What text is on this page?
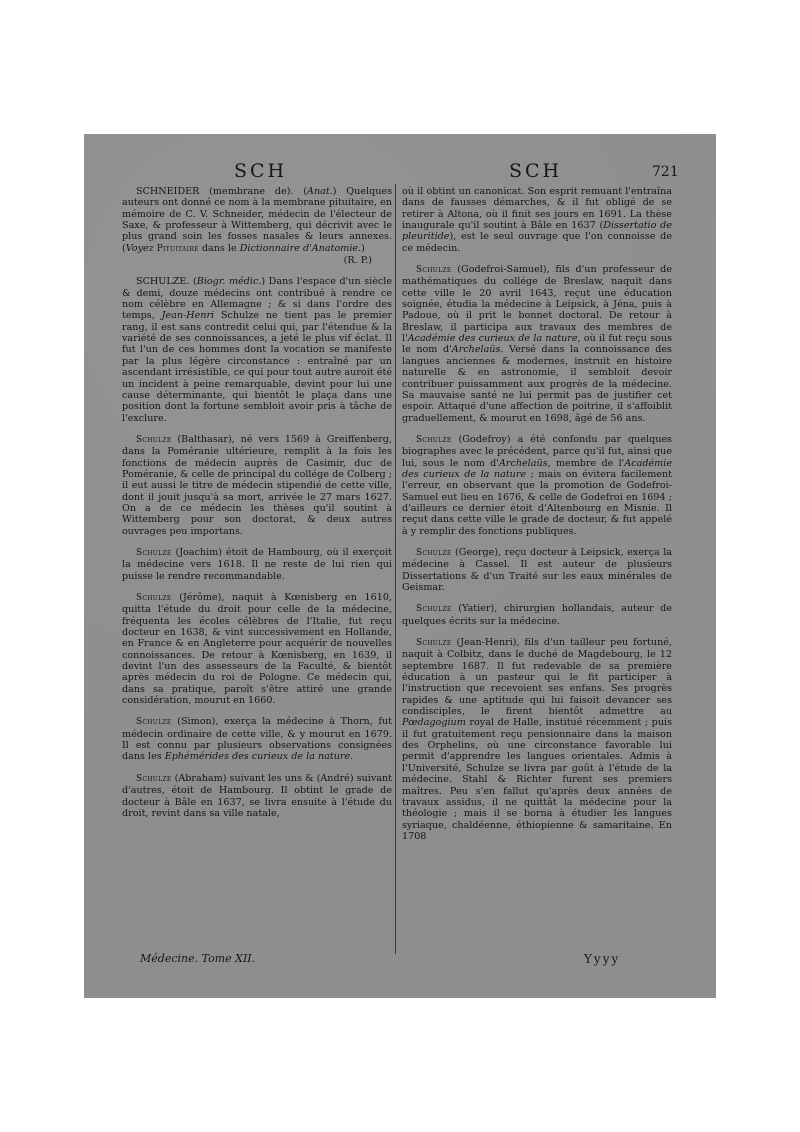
SCH	SCH	721

SCHNEIDER (membrane de). (Anat.) Quelques auteurs ont donné ce nom à la membrane pituitaire, en mémoire de C. V. Schneider, médecin de l'électeur de Saxe, & professeur à Wittemberg, qui décrivit avec le plus grand soin les fosses nasales & leurs annexes. (Voyez Pituitaire dans le Dictionnaire d'Anatomie.)

(R. P.)

SCHULZE. (Biogr. médic.) Dans l'espace d'un siècle & demi, douze médecins ont contribué à rendre ce nom célèbre en Allemagne ; & si dans l'ordre des temps, Jean-Henri Schulze ne tient pas le premier rang, il est sans contredit celui qui, par l'étendue & la variété de ses connoissances, a jeté le plus vif éclat. Il fut l'un de ces hommes dont la vocation se manifeste par la plus légère circonstance : entraîné par un ascendant irrésistible, ce qui pour tout autre auroit été un incident à peine remarquable, devint pour lui une cause déterminante, qui bientôt le plaça dans une position dont la fortune sembloit avoir pris à tâche de l'exclure.

Schulze (Balthasar), né vers 1569 à Greiffenberg, dans la Poméranie ultérieure, remplit à la fois les fonctions de médecin auprès de Casimir, duc de Poméranie, & celle de principal du collége de Colberg ; il eut aussi le titre de médecin stipendié de cette ville, dont il jouit jusqu'à sa mort, arrivée le 27 mars 1627. On a de ce médecin les thèses qu'il soutint à Wittemberg pour son doctorat, & deux autres ouvrages peu importans.

Schulze (Joachim) étoit de Hambourg, où il exerçoit la médecine vers 1618. Il ne reste de lui rien qui puisse le rendre recommandable.

Schulze (Jérôme), naquit à Kœnisberg en 1610, quitta l'étude du droit pour celle de la médecine, fréquenta les écoles célèbres de l'Italie, fut reçu docteur en 1638, & vint successivement en Hollande, en France & en Angleterre pour acquérir de nouvelles connoissances. De retour à Kœnisberg, en 1639, il devint l'un des assesseurs de la Faculté, & bientôt après médecin du roi de Pologne. Ce médecin qui, dans sa pratique, paroît s'être attiré une grande considération, mourut en 1660.

Schulze (Simon), exerça la médecine à Thorn, fut médecin ordinaire de cette ville, & y mourut en 1679. Il est connu par plusieurs observations consignées dans les Ephémérides des curieux de la nature.

Schulze (Abraham) suivant les uns & (André) suivant d'autres, étoit de Hambourg. Il obtint le grade de docteur à Bâle en 1637, se livra ensuite à l'étude du droit, revint dans sa ville natale,

où il obtint un canonicat. Son esprit remuant l'entraîna dans de fausses démarches, & il fut obligé de se retirer à Altona, où il finit ses jours en 1691. La thèse inaugurale qu'il soutint à Bâle en 1637 (Dissertatio de pleuritide), est le seul ouvrage que l'on connoisse de ce médecin.

Schulze (Godefroi-Samuel), fils d'un professeur de mathématiques du collége de Breslaw, naquit dans cette ville le 20 avril 1643, reçut une éducation soignée, étudia la médecine à Leipsick, à Jéna, puis à Padoue, où il prit le bonnet doctoral. De retour à Breslaw, il participa aux travaux des membres de l'Académie des curieux de la nature, où il fut reçu sous le nom d'Archelaüs. Versé dans la connoissance des langues anciennes & modernes, instruit en histoire naturelle & en astronomie, il sembloit devoir contribuer puissamment aux progrès de la médecine. Sa mauvaise santé ne lui permit pas de justifier cet espoir. Attaqué d'une affection de poitrine, il s'affoiblit graduellement, & mourut en 1698, âgé de 56 ans.

Schulze (Godefroy) a été confondu par quelques biographes avec le précédent, parce qu'il fut, ainsi que lui, sous le nom d'Archelaüs, membre de l'Académie des curieux de la nature ; mais on évitera facilement l'erreur, en observant que la promotion de Godefroi-Samuel eut lieu en 1676, & celle de Godefroi en 1694 ; d'ailleurs ce dernier étoit d'Altenbourg en Misnie. Il reçut dans cette ville le grade de docteur, & fut appelé à y remplir des fonctions publiques.

Schulze (George), reçu docteur à Leipsick, exerça la médecine à Cassel. Il est auteur de plusieurs Dissertations & d'un Traité sur les eaux minérales de Geismar.

Schulze (Yatier), chirurgien hollandais, auteur de quelques écrits sur la médecine.

Schulze (Jean-Henri), fils d'un tailleur peu fortuné, naquit à Colbitz, dans le duché de Magdebourg, le 12 septembre 1687. Il fut redevable de sa première éducation à un pasteur qui le fit participer à l'instruction que recevoient ses enfans. Ses progrès rapides & une aptitude qui lui faisoit devancer ses condisciples, le firent bientôt admettre au Pœdagogium royal de Halle, institué récemment ; puis il fut gratuitement reçu pensionnaire dans la maison des Orphelins, où une circonstance favorable lui permit d'apprendre les langues orientales. Admis à l'Université, Schulze se livra par goût à l'étude de la médecine. Stahl & Richter furent ses premiers maîtres. Peu s'en fallut qu'après deux années de travaux assidus, il ne quittât la médecine pour la théologie ; mais il se borna à étudier les langues syriaque, chaldéenne, éthiopienne & samaritaine. En 1708

Médecine. Tome XII.	Yyyy
